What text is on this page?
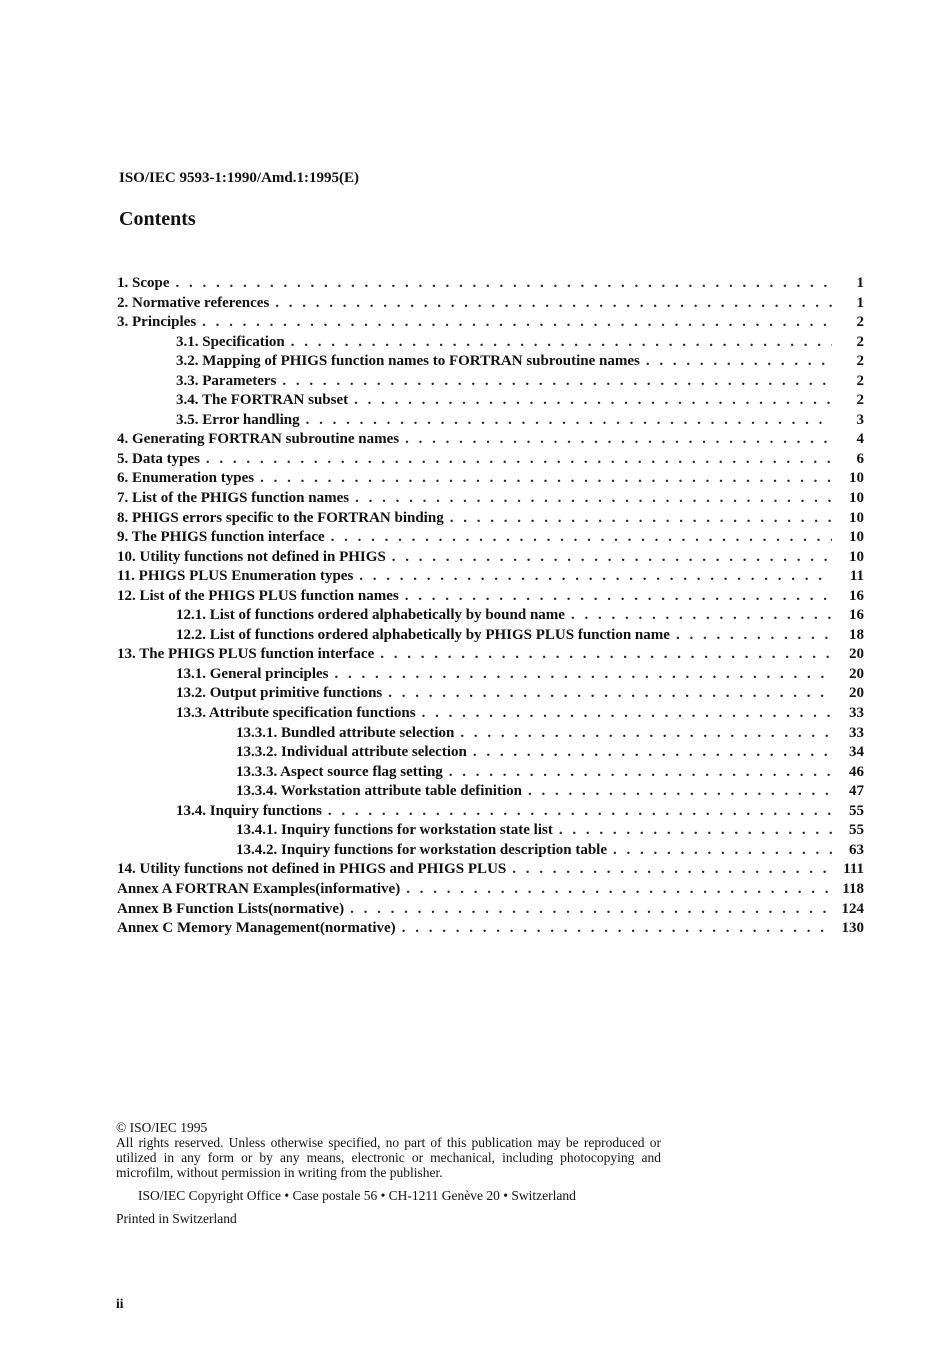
ISO/IEC 9593-1:1990/Amd.1:1995(E)
Contents
1. Scope . . .	1
2. Normative references . . .	1
3. Principles . . .	2
3.1. Specification . . .	2
3.2. Mapping of PHIGS function names to FORTRAN subroutine names . . .	2
3.3. Parameters . . .	2
3.4. The FORTRAN subset . . .	2
3.5. Error handling . . .	3
4. Generating FORTRAN subroutine names . . .	4
5. Data types . . .	6
6. Enumeration types . . .	10
7. List of the PHIGS function names . . .	10
8. PHIGS errors specific to the FORTRAN binding . . .	10
9. The PHIGS function interface . . .	10
10. Utility functions not defined in PHIGS . . .	10
11. PHIGS PLUS Enumeration types . . .	11
12. List of the PHIGS PLUS function names . . .	16
12.1. List of functions ordered alphabetically by bound name . . .	16
12.2. List of functions ordered alphabetically by PHIGS PLUS function name . . .	18
13. The PHIGS PLUS function interface . . .	20
13.1. General principles . . .	20
13.2. Output primitive functions . . .	20
13.3. Attribute specification functions . . .	33
13.3.1. Bundled attribute selection . . .	33
13.3.2. Individual attribute selection . . .	34
13.3.3. Aspect source flag setting . . .	46
13.3.4. Workstation attribute table definition . . .	47
13.4. Inquiry functions . . .	55
13.4.1. Inquiry functions for workstation state list . . .	55
13.4.2. Inquiry functions for workstation description table . . .	63
14. Utility functions not defined in PHIGS and PHIGS PLUS . . .	111
Annex A FORTRAN Examples(informative) . . .	118
Annex B Function Lists(normative) . . .	124
Annex C Memory Management(normative) . . .	130
© ISO/IEC 1995
All rights reserved. Unless otherwise specified, no part of this publication may be reproduced or utilized in any form or by any means, electronic or mechanical, including photocopying and microfilm, without permission in writing from the publisher.
ISO/IEC Copyright Office • Case postale 56 • CH-1211 Genève 20 • Switzerland
Printed in Switzerland
ii
